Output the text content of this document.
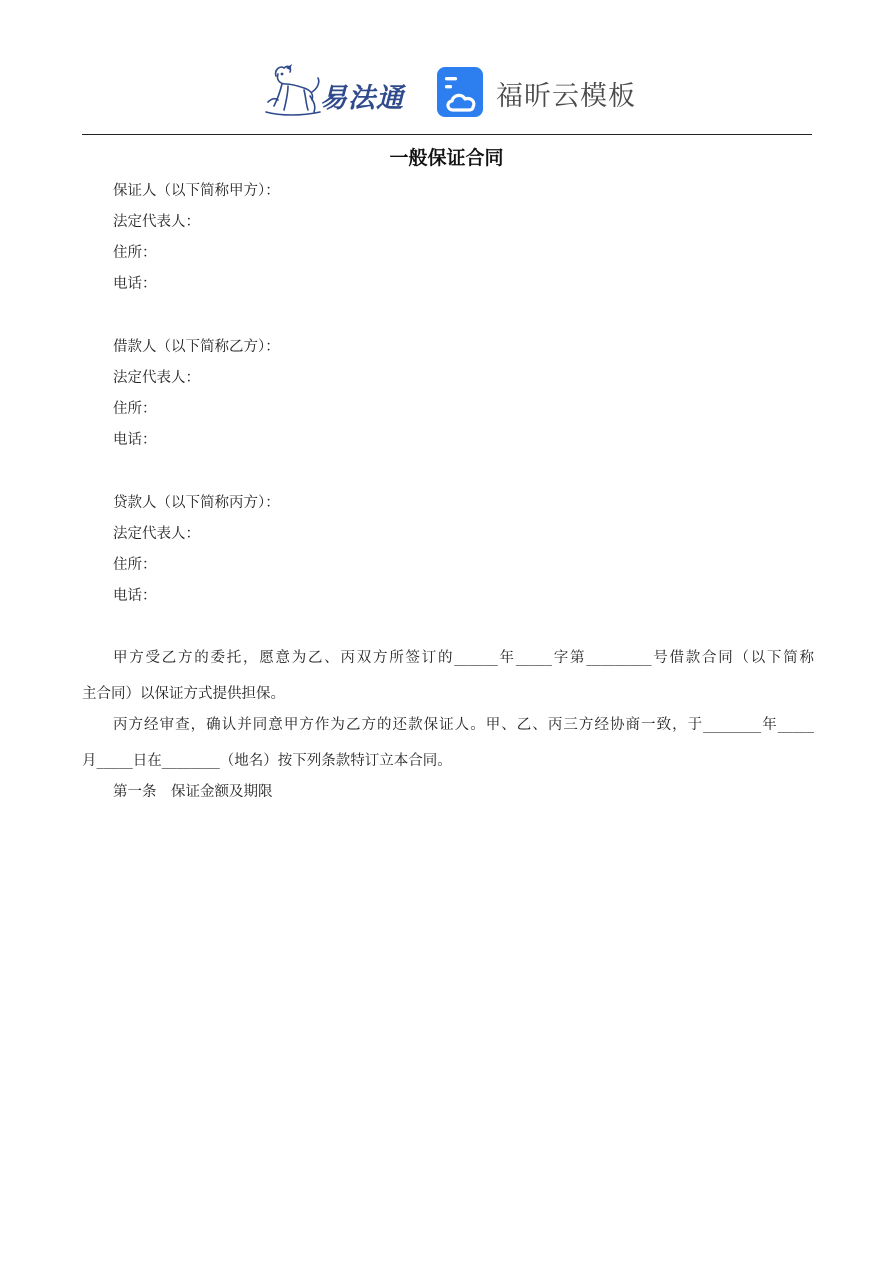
易法通	福昕云模板
一般保证合同
保证人（以下简称甲方）：
法定代表人：
住所：
电话：
借款人（以下简称乙方）：
法定代表人：
住所：
电话：
贷款人（以下简称丙方）：
法定代表人：
住所：
电话：
甲方受乙方的委托，愿意为乙、丙双方所签订的______年_____字第_________号借款合同（以下简称
主合同）以保证方式提供担保。
丙方经审查，确认并同意甲方作为乙方的还款保证人。甲、乙、丙三方经协商一致，于________年_____
月_____日在________（地名）按下列条款特订立本合同。
第一条　保证金额及期限
